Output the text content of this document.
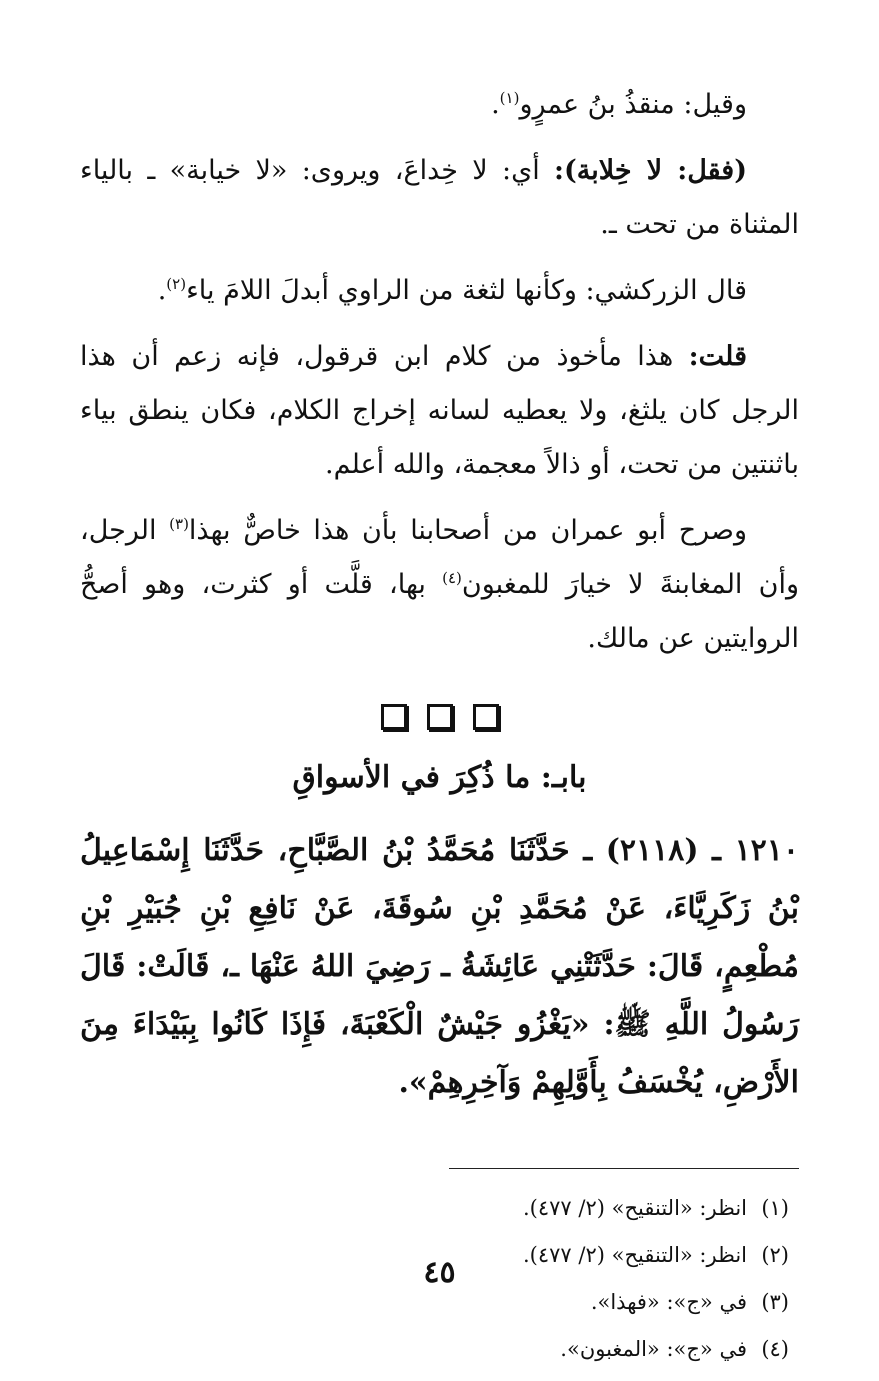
وقيل: منقذُ بنُ عمرٍو$^{(١)}$.

(فقل: لا خِلابة): أي: لا خِداعَ، ويروى: «لا خيابة» ـ بالياء المثناة من تحت ـ.

قال الزركشي: وكأنها لثغة من الراوي أبدلَ اللامَ ياء$^{(٢)}$.

قلت: هذا مأخوذ من كلام ابن قرقول، فإنه زعم أن هذا الرجل كان يلثغ، ولا يعطيه لسانه إخراج الكلام، فكان ينطق بياء باثنتين من تحت، أو ذالاً معجمة، والله أعلم.

وصرح أبو عمران من أصحابنا بأن هذا خاصٌّ بهذا$^{(٣)}$ الرجل، وأن المغابنةَ لا خيارَ للمغبون$^{(٤)}$ بها، قلَّت أو كثرت، وهو أصحُّ الروايتين عن مالك.

بابـ: ما ذُكِرَ في الأسواقِ

١٢١٠ ـ (٢١١٨) ـ حَدَّثَنَا مُحَمَّدُ بْنُ الصَّبَّاحِ، حَدَّثَنَا إِسْمَاعِيلُ بْنُ زَكَرِيَّاءَ، عَنْ مُحَمَّدِ بْنِ سُوقَةَ، عَنْ نَافِعِ بْنِ جُبَيْرِ بْنِ مُطْعِمٍ، قَالَ: حَدَّثَتْنِي عَائِشَةُ ـ رَضِيَ اللهُ عَنْهَا ـ، قَالَتْ: قَالَ رَسُولُ اللَّهِ ﷺ: «يَغْزُو جَيْشٌ الْكَعْبَةَ، فَإِذَا كَانُوا بِبَيْدَاءَ مِنَ الأَرْضِ، يُخْسَفُ بِأَوَّلِهِمْ وَآخِرِهِمْ».

(١)انظر: «التنقيح» (٢/ ٤٧٧).
(٢)انظر: «التنقيح» (٢/ ٤٧٧).
(٣)في «ج»: «فهذا».
(٤)في «ج»: «المغبون».
٤٥
